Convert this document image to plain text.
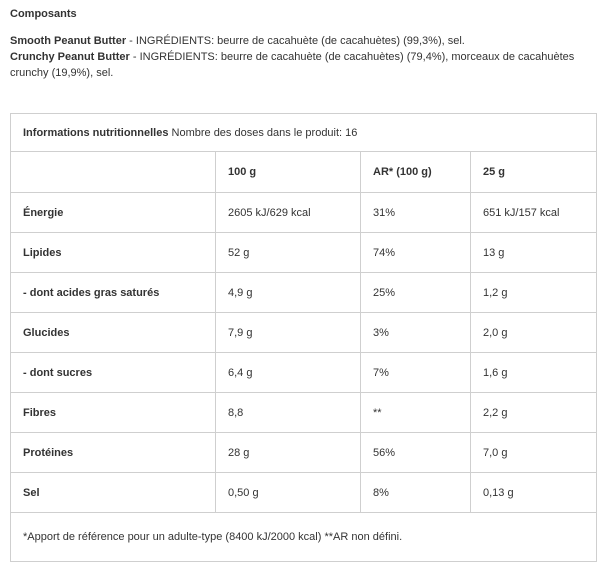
Composants
Smooth Peanut Butter - INGRÉDIENTS: beurre de cacahuète (de cacahuètes) (99,3%), sel.
Crunchy Peanut Butter - INGRÉDIENTS: beurre de cacahuète (de cacahuètes) (79,4%), morceaux de cacahuètes crunchy (19,9%), sel.
Informations nutritionnelles Nombre des doses dans le produit: 16			
	100 g	AR* (100 g)	25 g
Énergie	2605 kJ/629 kcal	31%	651 kJ/157 kcal
Lipides	52 g	74%	13 g
- dont acides gras saturés	4,9 g	25%	1,2 g
Glucides	7,9 g	3%	2,0 g
- dont sucres	6,4 g	7%	1,6 g
Fibres	8,8	**	2,2 g
Protéines	28 g	56%	7,0 g
Sel	0,50 g	8%	0,13 g
*Apport de référence pour un adulte-type (8400 kJ/2000 kcal) **AR non défini.			
